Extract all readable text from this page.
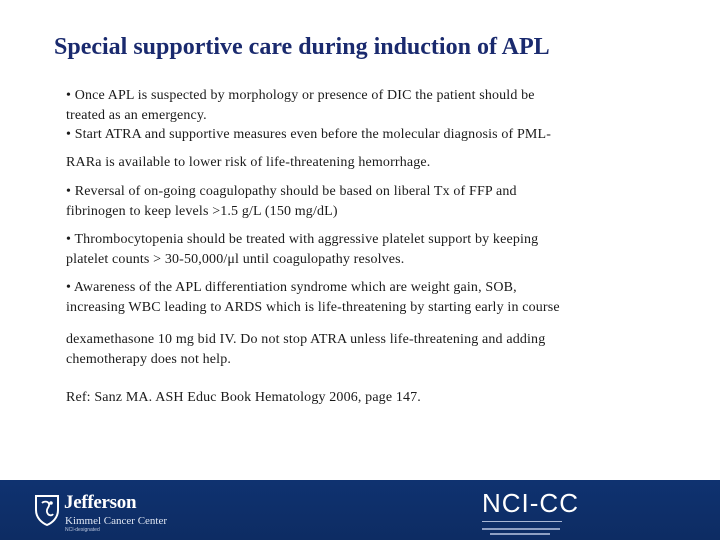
Special supportive care during induction of APL

• Once APL is suspected by morphology or presence of DIC the patient should be
treated as an emergency.

• Start ATRA and supportive measures even before the molecular diagnosis of PML-
RARa is available to lower risk of life-threatening hemorrhage.

• Reversal of on-going coagulopathy should be based on liberal Tx of FFP and
fibrinogen to keep levels >1.5 g/L (150 mg/dL)

• Thrombocytopenia should be treated with aggressive platelet support by keeping
platelet counts > 30-50,000/μl until coagulopathy resolves.

• Awareness of the APL differentiation syndrome which are weight gain, SOB,
increasing WBC leading to ARDS which is life-threatening by starting early in course
dexamethasone 10 mg bid IV. Do not stop ATRA unless life-threatening and adding
chemotherapy does not help.

Ref: Sanz MA. ASH Educ Book Hematology 2006, page 147.

Jefferson
Kimmel Cancer Center
NCI-designated
NCI-CC
